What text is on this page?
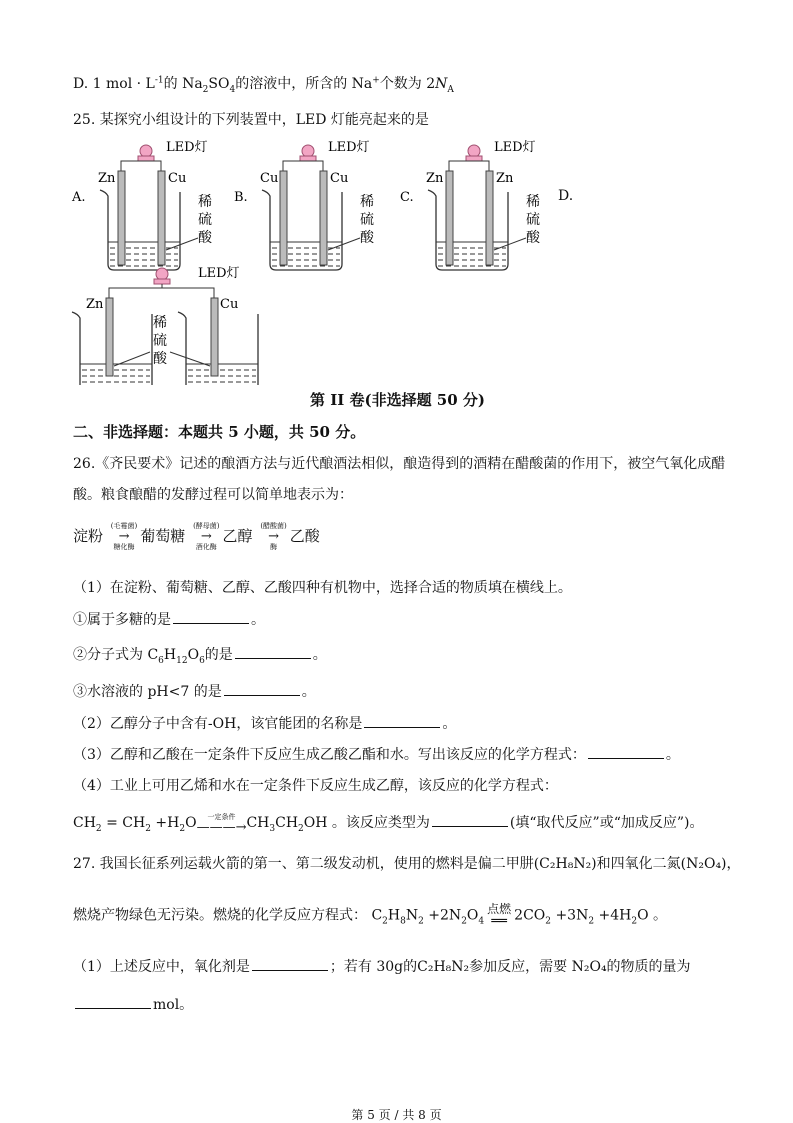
D. 1 mol · $L^{-1}$的 $Na_2SO_4$的溶液中，所含的 Na+个数为 $2N_A$
25. 某探究小组设计的下列装置中，LED 灯能亮起来的是
A.
LED灯
Zn	Cu
稀
硫
酸
B.
LED灯
Cu	Cu
稀
硫
酸
C.
LED灯
Zn	Zn
稀
硫
酸
D.
LED灯
Zn	Cu
稀
硫
酸
第 II 卷(非选择题 50 分)
二、非选择题：本题共 5 小题，共 50 分。
26.《齐民要术》记述的酿酒方法与近代酿酒法相似，酿造得到的酒精在醋酸菌的作用下，被空气氧化成醋
酸。粮食酿醋的发酵过程可以简单地表示为：
淀粉
(毛霉菌)
→
糖化酶
葡萄糖
(酵母菌)
→
酒化酶
乙醇
(醋酸菌)
→
酶
乙酸
（1）在淀粉、葡萄糖、乙醇、乙酸四种有机物中，选择合适的物质填在横线上。
①属于多糖的是	。
②分子式为 $C_6H_{12}O_6$的是	。
③水溶液的 pH<7 的是	。
（2）乙醇分子中含有-OH，该官能团的名称是	。
（3）乙醇和乙酸在一定条件下反应生成乙酸乙酯和水。写出该反应的化学方程式：	。
（4）工业上可用乙烯和水在一定条件下反应生成乙醇，该反应的化学方程式：
$CH_2 = CH_2 +H_2O$ 一定条件
———→ $CH_3CH_2OH$ 。该反应类型为	(填“取代反应”或“加成反应”)。
27. 我国长征系列运载火箭的第一、第二级发动机，使用的燃料是偏二甲肼(C₂H₈N₂)和四氧化二氮(N₂O₄)，
燃烧产物绿色无污染。燃烧的化学反应方程式： $C_2H_8N_2 +2N_2O_4$
点燃
══ $2CO_2 +3N_2 +4H_2O$ 。
（1）上述反应中，氧化剂是	；若有 30g的C₂H₈N₂参加反应，需要 N₂O₄的物质的量为
mol。
第 5 页 / 共 8 页
